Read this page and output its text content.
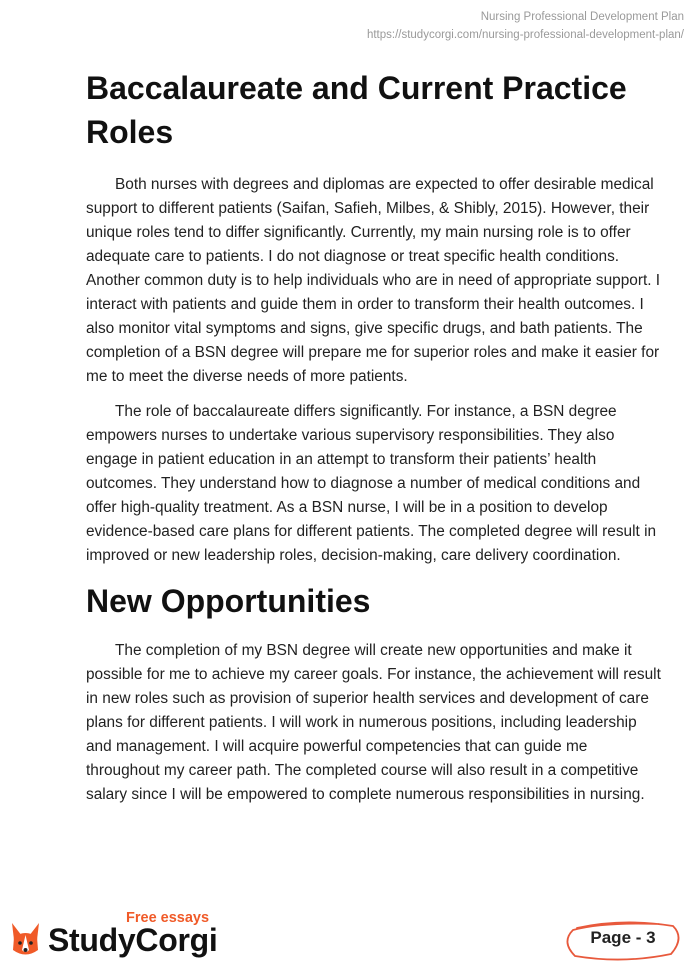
Nursing Professional Development Plan
https://studycorgi.com/nursing-professional-development-plan/
Baccalaureate and Current Practice Roles

Both nurses with degrees and diplomas are expected to offer desirable medical support to different patients (Saifan, Safieh, Milbes, & Shibly, 2015). However, their unique roles tend to differ significantly. Currently, my main nursing role is to offer adequate care to patients. I do not diagnose or treat specific health conditions. Another common duty is to help individuals who are in need of appropriate support. I interact with patients and guide them in order to transform their health outcomes. I also monitor vital symptoms and signs, give specific drugs, and bath patients. The completion of a BSN degree will prepare me for superior roles and make it easier for me to meet the diverse needs of more patients.

The role of baccalaureate differs significantly. For instance, a BSN degree empowers nurses to undertake various supervisory responsibilities. They also engage in patient education in an attempt to transform their patients’ health outcomes. They understand how to diagnose a number of medical conditions and offer high-quality treatment. As a BSN nurse, I will be in a position to develop evidence-based care plans for different patients. The completed degree will result in improved or new leadership roles, decision-making, care delivery coordination.

New Opportunities

The completion of my BSN degree will create new opportunities and make it possible for me to achieve my career goals. For instance, the achievement will result in new roles such as provision of superior health services and development of care plans for different patients. I will work in numerous positions, including leadership and management. I will acquire powerful competencies that can guide me throughout my career path. The completed course will also result in a competitive salary since I will be empowered to complete numerous responsibilities in nursing.

Free essays
StudyCorgi	Page - 3
